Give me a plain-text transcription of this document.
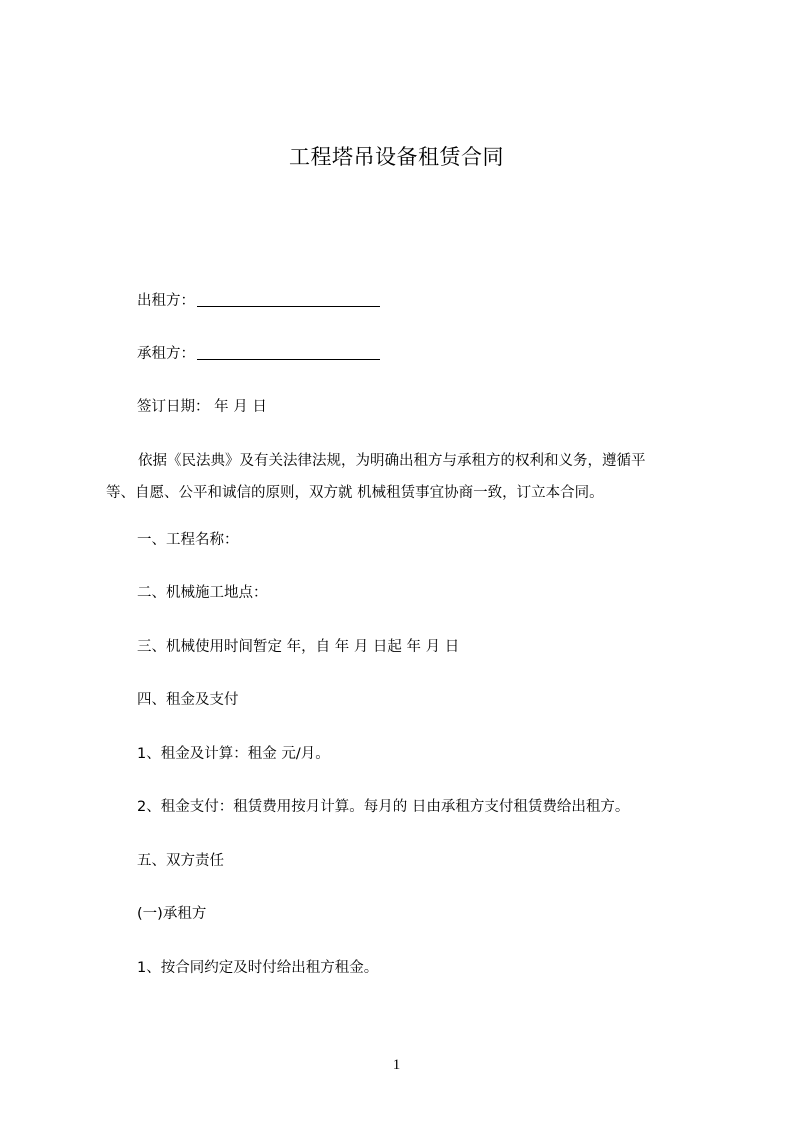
工程塔吊设备租赁合同
出租方：
承租方：
签订日期： 年 月 日
依据《民法典》及有关法律法规，为明确出租方与承租方的权利和义务，遵循平
等、自愿、公平和诚信的原则，双方就 机械租赁事宜协商一致，订立本合同。
一、工程名称：
二、机械施工地点：
三、机械使用时间暂定 年，自 年 月 日起 年 月 日
四、租金及支付
1、租金及计算：租金 元/月。
2、租金支付：租赁费用按月计算。每月的 日由承租方支付租赁费给出租方。
五、双方责任
(一)承租方
1、按合同约定及时付给出租方租金。
1
